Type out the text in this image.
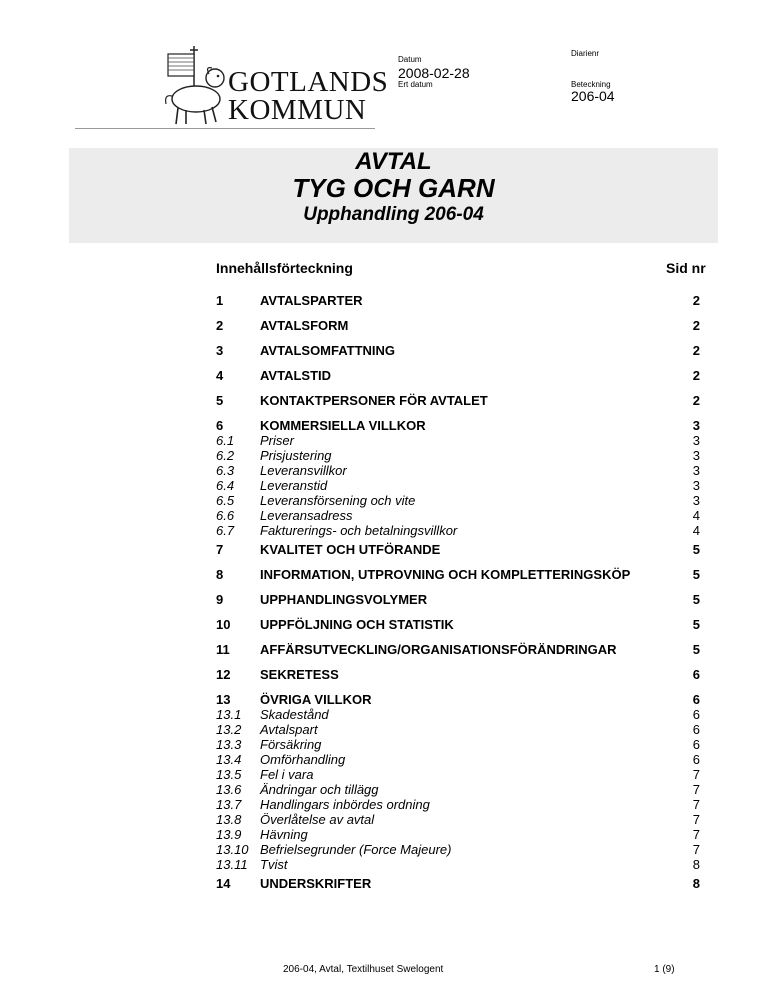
GOTLANDS
KOMMUN
Datum
2008-02-28
Ert datum
Diarienr
Beteckning
206-04
AVTAL
TYG OCH GARN
Upphandling 206-04
Innehållsförteckning	Sid nr
1	AVTALSPARTER	2
2	AVTALSFORM	2
3	AVTALSOMFATTNING	2
4	AVTALSTID	2
5	KONTAKTPERSONER FÖR AVTALET	2
6	KOMMERSIELLA VILLKOR	3
6.1 Priser	3
6.2 Prisjustering	3
6.3 Leveransvillkor	3
6.4 Leveranstid	3
6.5 Leveransförsening och vite	3
6.6 Leveransadress	4
6.7 Fakturerings- och betalningsvillkor	4
7	KVALITET OCH UTFÖRANDE	5
8	INFORMATION, UTPROVNING OCH KOMPLETTERINGSKÖP	5
9	UPPHANDLINGSVOLYMER	5
10 UPPFÖLJNING OCH STATISTIK	5
11 AFFÄRSUTVECKLING/ORGANISATIONSFÖRÄNDRINGAR	5
12 SEKRETESS	6
13 ÖVRIGA VILLKOR	6
13.1 Skadestånd	6
13.2 Avtalspart	6
13.3 Försäkring	6
13.4 Omförhandling	6
13.5 Fel i vara	7
13.6 Ändringar och tillägg	7
13.7 Handlingars inbördes ordning	7
13.8 Överlåtelse av avtal	7
13.9 Hävning	7
13.10 Befrielsegrunder (Force Majeure)	7
13.11 Tvist	8
14 UNDERSKRIFTER	8
206-04, Avtal, Textilhuset Swelogent	1 (9)
